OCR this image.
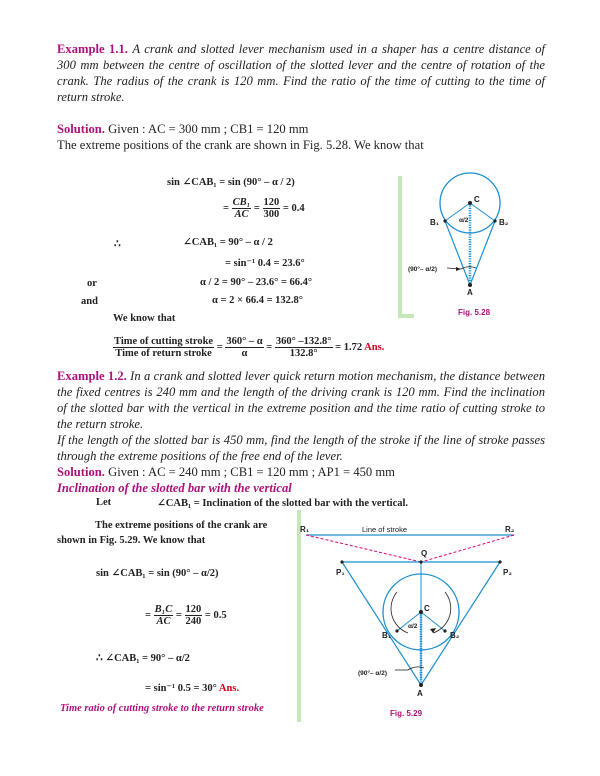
Example 1.1. A crank and slotted lever mechanism used in a shaper has a centre distance of 300 mm between the centre of oscillation of the slotted lever and the centre of rotation of the crank. The radius of the crank is 120 mm. Find the ratio of the time of cutting to the time of return stroke.
Solution. Given : AC = 300 mm ; CB1 = 120 mm
The extreme positions of the crank are shown in Fig. 5.28. We know that
sin ∠CAB₁ = sin (90° – α / 2)
= $\frac{\text{CB₁}}{AC} = \frac{120}{300} = 0.4$
∴	∠CAB₁ = 90° – α / 2
= sin⁻¹ 0.4 = 23.6°
or	α / 2 = 90° – 23.6° = 66.4°
and	α = 2 × 66.4 = 132.8°
We know that
$\frac{\text{Time of cutting stroke}}{\text{Time of return stroke}} = \frac{360^\circ - \alpha}{\alpha} = \frac{360^\circ -132.8^\circ}{132.8^\circ} = 1.72$ Ans.
C
B₁	B₂
α/2
A
(90°– α/2)
Fig. 5.28
Example 1.2. In a crank and slotted lever quick return motion mechanism, the distance between the fixed centres is 240 mm and the length of the driving crank is 120 mm. Find the inclination of the slotted bar with the vertical in the extreme position and the time ratio of cutting stroke to the return stroke.
If the length of the slotted bar is 450 mm, find the length of the stroke if the line of stroke passes through the extreme positions of the free end of the lever.
Solution. Given : AC = 240 mm ; CB1 = 120 mm ; AP1 = 450 mm
Inclination of the slotted bar with the vertical
Let	∠CAB₁ = Inclination of the slotted bar with the vertical.
The extreme positions of the crank are shown in Fig. 5.29. We know that
sin ∠CAB₁ = sin (90° – α/2)
= $\frac{\text{B₁C}}{AC} = \frac{120}{240} = 0.5$
∴ ∠CAB₁ = 90° – α/2
= sin⁻¹ 0.5 = 30° Ans.
Time ratio of cutting stroke to the return stroke
R₁	Line of stroke	R₂
Q
P₁	P₂
C
α/2
B₁	B₂
(90°– α/2)
A
Fig. 5.29
